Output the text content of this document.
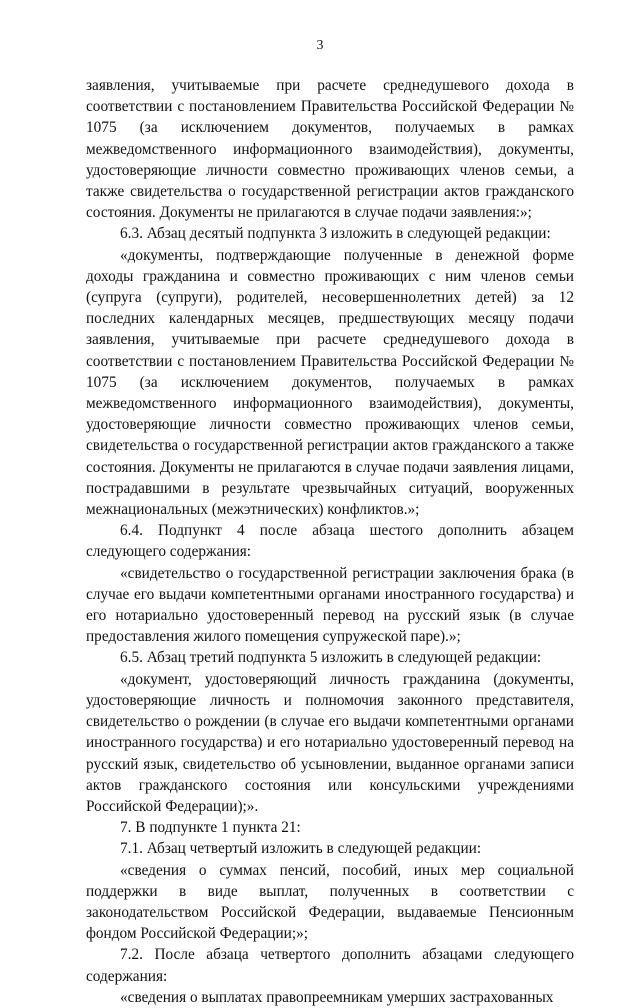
3

заявления, учитываемые при расчете среднедушевого дохода в соответствии с постановлением Правительства Российской Федерации № 1075 (за исключением документов, получаемых в рамках межведомственного информационного взаимодействия), документы, удостоверяющие личности совместно проживающих членов семьи, а также свидетельства о государственной регистрации актов гражданского состояния. Документы не прилагаются в случае подачи заявления:»;

6.3. Абзац десятый подпункта 3 изложить в следующей редакции:

«документы, подтверждающие полученные в денежной форме доходы гражданина и совместно проживающих с ним членов семьи (супруга (супруги), родителей, несовершеннолетних детей) за 12 последних календарных месяцев, предшествующих месяцу подачи заявления, учитываемые при расчете среднедушевого дохода в соответствии с постановлением Правительства Российской Федерации № 1075 (за исключением документов, получаемых в рамках межведомственного информационного взаимодействия), документы, удостоверяющие личности совместно проживающих членов семьи, свидетельства о государственной регистрации актов гражданского а также состояния. Документы не прилагаются в случае подачи заявления лицами, пострадавшими в результате чрезвычайных ситуаций, вооруженных межнациональных (межэтнических) конфликтов.»;

6.4. Подпункт 4 после абзаца шестого дополнить абзацем следующего содержания:

«свидетельство о государственной регистрации заключения брака (в случае его выдачи компетентными органами иностранного государства) и его нотариально удостоверенный перевод на русский язык (в случае предоставления жилого помещения супружеской паре).»;

6.5. Абзац третий подпункта 5 изложить в следующей редакции:

«документ, удостоверяющий личность гражданина (документы, удостоверяющие личность и полномочия законного представителя, свидетельство о рождении (в случае его выдачи компетентными органами иностранного государства) и его нотариально удостоверенный перевод на русский язык, свидетельство об усыновлении, выданное органами записи актов гражданского состояния или консульскими учреждениями Российской Федерации);».

7. В подпункте 1 пункта 21:

7.1. Абзац четвертый изложить в следующей редакции:

«сведения о суммах пенсий, пособий, иных мер социальной поддержки в виде выплат, полученных в соответствии с законодательством Российской Федерации, выдаваемые Пенсионным фондом Российской Федерации;»;

7.2. После абзаца четвертого дополнить абзацами следующего содержания:

«сведения о выплатах правопреемникам умерших застрахованных
